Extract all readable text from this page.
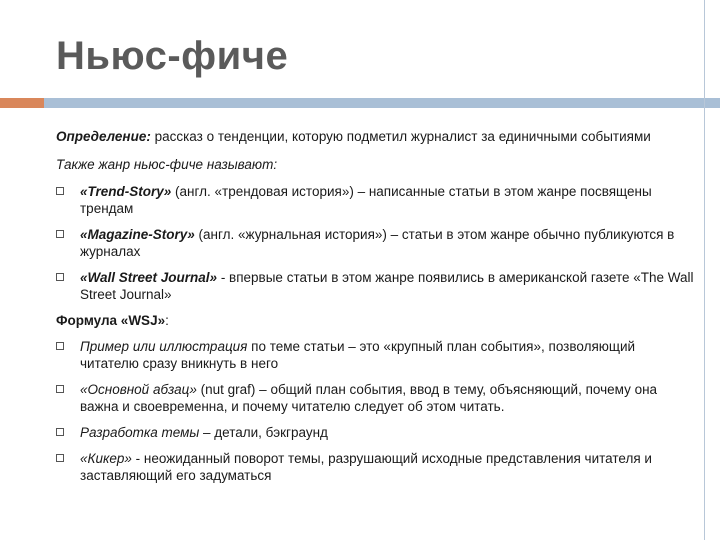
Ньюс-фиче

Определение: рассказ о тенденции, которую подметил журналист за единичными событиями

Также жанр ньюс-фиче называют:

«Trend-Story» (англ. «трендовая история») – написанные статьи в этом жанре посвящены трендам
«Magazine-Story» (англ. «журнальная история») – статьи в этом жанре обычно публикуются в журналах
«Wall Street Journal» - впервые статьи в этом жанре появились в американской газете «The Wall Street Journal»

Формула «WSJ»:

Пример или иллюстрация по теме статьи – это «крупный план события», позволяющий читателю сразу вникнуть в него
«Основной абзац» (nut graf) – общий план события, ввод в тему, объясняющий, почему она важна и своевременна, и почему читателю следует об этом читать.
Разработка темы – детали, бэкграунд
«Кикер» - неожиданный поворот темы, разрушающий исходные представления читателя и заставляющий его задуматься
